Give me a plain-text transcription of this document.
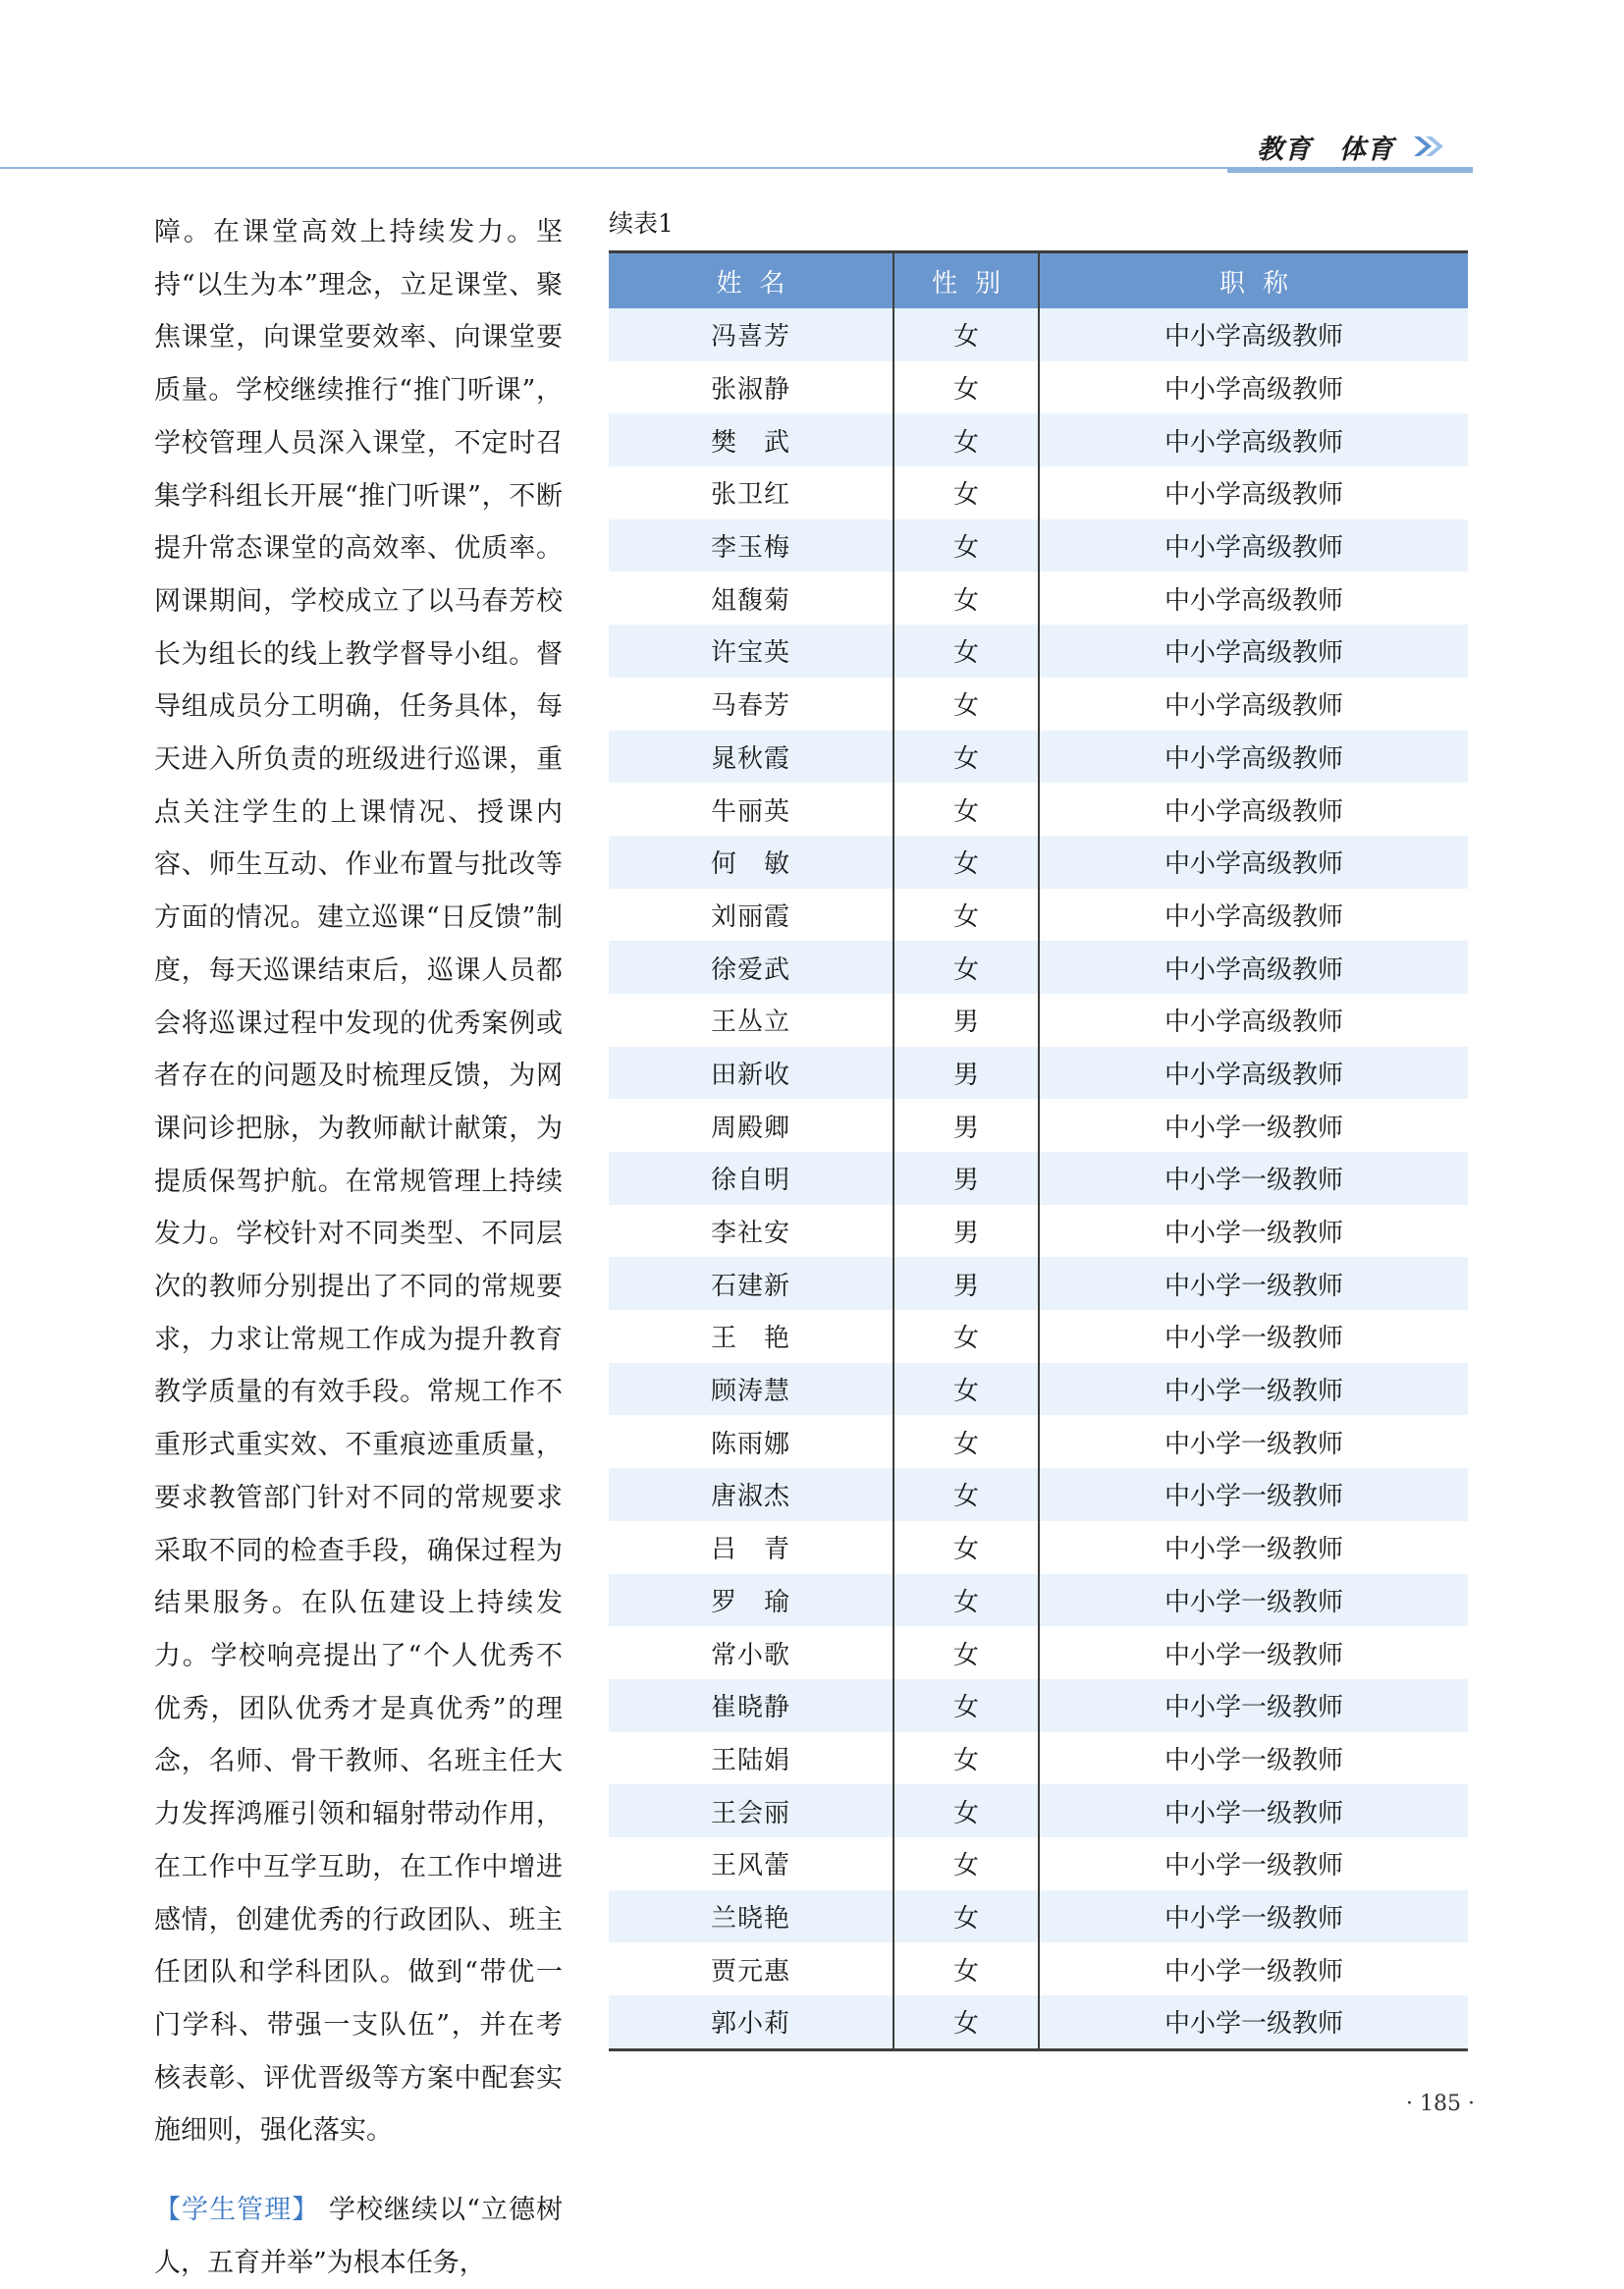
教育　体育

障。在课堂高效上持续发力。坚持“以生为本”理念，立足课堂、聚焦课堂，向课堂要效率、向课堂要质量。学校继续推行“推门听课”，学校管理人员深入课堂，不定时召集学科组长开展“推门听课”，不断提升常态课堂的高效率、优质率。网课期间，学校成立了以马春芳校长为组长的线上教学督导小组。督导组成员分工明确，任务具体，每天进入所负责的班级进行巡课，重点关注学生的上课情况、授课内容、师生互动、作业布置与批改等方面的情况。建立巡课“日反馈”制度，每天巡课结束后，巡课人员都会将巡课过程中发现的优秀案例或者存在的问题及时梳理反馈，为网课问诊把脉，为教师献计献策，为提质保驾护航。在常规管理上持续发力。学校针对不同类型、不同层次的教师分别提出了不同的常规要求，力求让常规工作成为提升教育教学质量的有效手段。常规工作不重形式重实效、不重痕迹重质量，要求教管部门针对不同的常规要求采取不同的检查手段，确保过程为结果服务。在队伍建设上持续发力。学校响亮提出了“个人优秀不优秀，团队优秀才是真优秀”的理念，名师、骨干教师、名班主任大力发挥鸿雁引领和辐射带动作用，在工作中互学互助，在工作中增进感情，创建优秀的行政团队、班主任团队和学科团队。做到“带优一门学科、带强一支队伍”，并在考核表彰、评优晋级等方案中配套实施细则，强化落实。

【学生管理】 学校继续以“立德树人，五育并举”为根本任务，

续表1
姓名	性别	职称
冯喜芳	女	中小学高级教师
张淑静	女	中小学高级教师
樊　武	女	中小学高级教师
张卫红	女	中小学高级教师
李玉梅	女	中小学高级教师
俎馥菊	女	中小学高级教师
许宝英	女	中小学高级教师
马春芳	女	中小学高级教师
晁秋霞	女	中小学高级教师
牛丽英	女	中小学高级教师
何　敏	女	中小学高级教师
刘丽霞	女	中小学高级教师
徐爱武	女	中小学高级教师
王丛立	男	中小学高级教师
田新收	男	中小学高级教师
周殿卿	男	中小学一级教师
徐自明	男	中小学一级教师
李社安	男	中小学一级教师
石建新	男	中小学一级教师
王　艳	女	中小学一级教师
顾涛慧	女	中小学一级教师
陈雨娜	女	中小学一级教师
唐淑杰	女	中小学一级教师
吕　青	女	中小学一级教师
罗　瑜	女	中小学一级教师
常小歌	女	中小学一级教师
崔晓静	女	中小学一级教师
王陆娟	女	中小学一级教师
王会丽	女	中小学一级教师
王风蕾	女	中小学一级教师
兰晓艳	女	中小学一级教师
贾元惠	女	中小学一级教师
郭小莉	女	中小学一级教师
· 185 ·
